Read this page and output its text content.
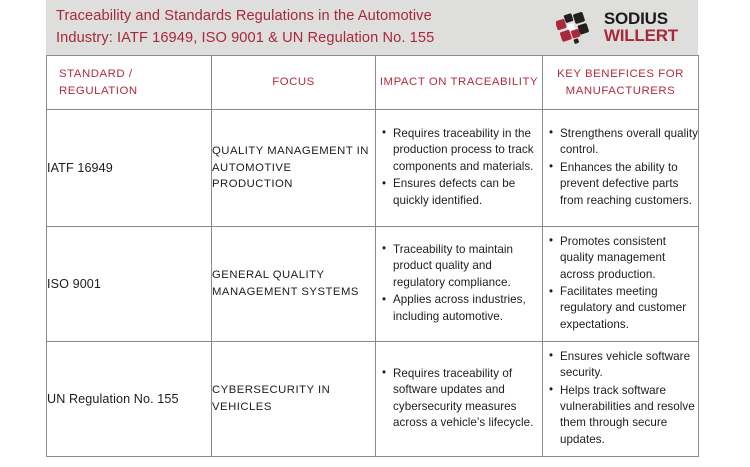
Traceability and Standards Regulations in the Automotive
Industry: IATF 16949, ISO 9001 & UN Regulation No. 155
SODIUS
WILLERT
STANDARD / REGULATION	FOCUS	IMPACT ON TRACEABILITY	KEY BENEFICES FOR MANUFACTURERS
IATF 16949	QUALITY MANAGEMENT IN AUTOMOTIVE PRODUCTION	
• Requires traceability in the production process to track components and materials.
• Ensures defects can be quickly identified.

• Strengthens overall quality control.
• Enhances the ability to prevent defective parts from reaching customers.

ISO 9001	GENERAL QUALITY MANAGEMENT SYSTEMS	
• Traceability to maintain product quality and regulatory compliance.
• Applies across industries, including automotive.

• Promotes consistent quality management across production.
• Facilitates meeting regulatory and customer expectations.

UN Regulation No. 155	CYBERSECURITY IN VEHICLES	
• Requires traceability of software updates and cybersecurity measures across a vehicle’s lifecycle.

• Ensures vehicle software security.
• Helps track software vulnerabilities and resolve them through secure updates.
